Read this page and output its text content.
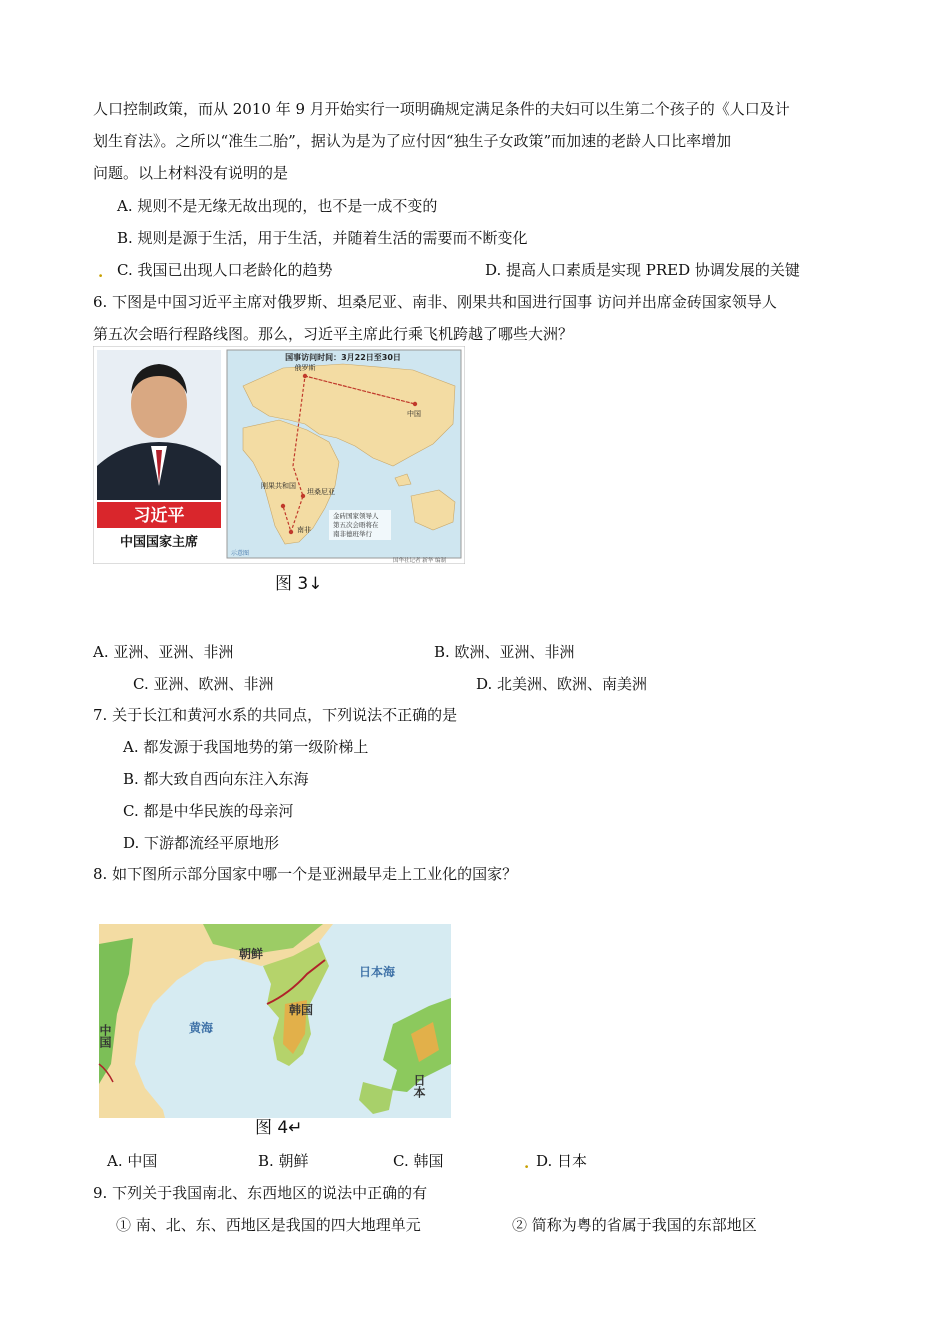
人口控制政策，而从 2010 年 9 月开始实行一项明确规定满足条件的夫妇可以生第二个孩子的《人口及计
划生育法》。之所以“准生二胎”，据认为是为了应付因“独生子女政策”而加速的老龄人口比率增加
问题。以上材料没有说明的是
A. 规则不是无缘无故出现的，也不是一成不变的
B. 规则是源于生活，用于生活，并随着生活的需要而不断变化
. C. 我国已出现人口老龄化的趋势	D. 提高人口素质是实现 PRED 协调发展的关键
6. 下图是中国习近平主席对俄罗斯、坦桑尼亚、南非、刚果共和国进行国事 访问并出席金砖国家领导人
第五次会晤行程路线图。那么，习近平主席此行乘飞机跨越了哪些大洲？
习近平
中国国家主席
国事访问时间：3月22日至30日
俄罗斯
中国
坦桑尼亚
刚果共和国
南非
金砖国家领导人
第五次会晤将在
南非德班举行
示意图
国华社记者 新华 编制
图 3↓
A. 亚洲、亚洲、非洲	B. 欧洲、亚洲、非洲
C. 亚洲、欧洲、非洲	D. 北美洲、欧洲、南美洲
7. 关于长江和黄河水系的共同点，下列说法不正确的是
A. 都发源于我国地势的第一级阶梯上
B. 都大致自西向东注入东海
C. 都是中华民族的母亲河
D. 下游都流经平原地形
8. 如下图所示部分国家中哪一个是亚洲最早走上工业化的国家？
朝鲜
日本海
韩国
中国	黄海
日本
图 4↵
A. 中国	B. 朝鲜	C. 韩国	. D. 日本
9. 下列关于我国南北、东西地区的说法中正确的有
① 南、北、东、西地区是我国的四大地理单元	② 简称为粤的省属于我国的东部地区
